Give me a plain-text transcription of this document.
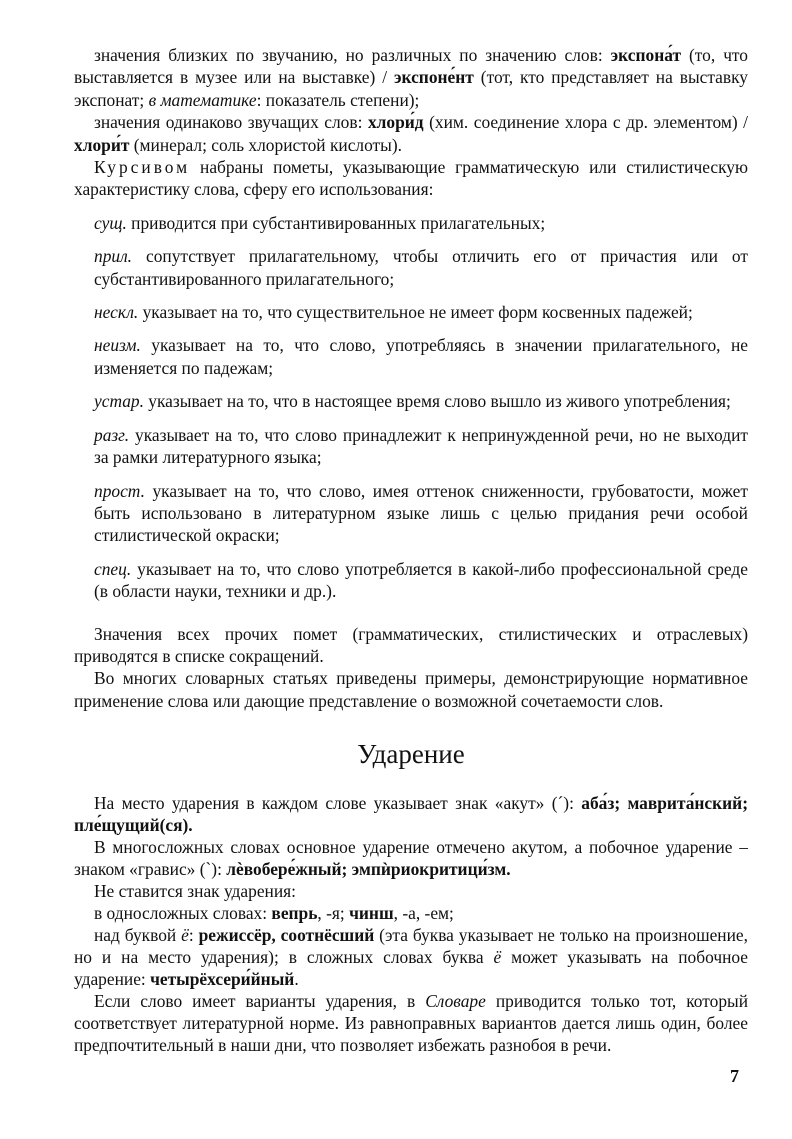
значения близких по звучанию, но различных по значению слов: экспона́т (то, что выставляется в музее или на выставке) / экспоне́нт (тот, кто представляет на выставку экспонат; в математике: показатель степени);

значения одинаково звучащих слов: хлори́д (хим. соединение хлора с др. элементом) / хлори́т (минерал; соль хлористой кислоты).

Курсивом набраны пометы, указывающие грамматическую или стилистическую характеристику слова, сферу его использования:

сущ. приводится при субстантивированных прилагательных;

прил. сопутствует прилагательному, чтобы отличить его от причастия или от субстантивированного прилагательного;

нескл. указывает на то, что существительное не имеет форм косвенных падежей;

неизм. указывает на то, что слово, употребляясь в значении прилагательного, не изменяется по падежам;

устар. указывает на то, что в настоящее время слово вышло из живого употребления;

разг. указывает на то, что слово принадлежит к непринужденной речи, но не выходит за рамки литературного языка;

прост. указывает на то, что слово, имея оттенок сниженности, грубоватости, может быть использовано в литературном языке лишь с целью придания речи особой стилистической окраски;

спец. указывает на то, что слово употребляется в какой-либо профессиональной среде (в области науки, техники и др.).

Значения всех прочих помет (грамматических, стилистических и отраслевых) приводятся в списке сокращений.

Во многих словарных статьях приведены примеры, демонстрирующие нормативное применение слова или дающие представление о возможной сочетаемости слов.

Ударение

На место ударения в каждом слове указывает знак «акут» (´): аба́з; маврита́нский; пле́щущий(ся).

В многосложных словах основное ударение отмечено акутом, а побочное ударение – знаком «гравис» (`): лѐвобере́жный; эмпѝриокритици́зм.

Не ставится знак ударения:

в односложных словах: вепрь, -я; чинш, -а, -ем;

над буквой ё: режиссёр, соотнёсший (эта буква указывает не только на произношение, но и на место ударения); в сложных словах буква ё может указывать на побочное ударение: четырёхсери́йный.

Если слово имеет варианты ударения, в Словаре приводится только тот, который соответствует литературной норме. Из равноправных вариантов дается лишь один, более предпочтительный в наши дни, что позволяет избежать разнобоя в речи.

7
